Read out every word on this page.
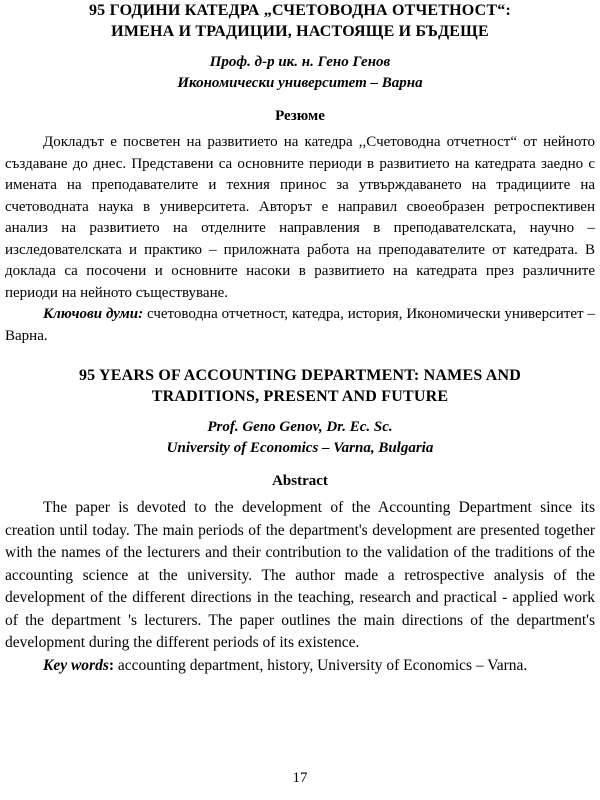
95 ГОДИНИ КАТЕДРА „СЧЕТОВОДНА ОТЧЕТНОСТ“:
ИМЕНА И ТРАДИЦИИ, НАСТОЯЩЕ И БЪДЕЩЕ
Проф. д-р ик. н. Гено Генов
Икономически университет – Варна
Резюме

Докладът е посветен на развитието на катедра ,,Счетоводна отчетност“ от нейното създаване до днес. Представени са основните периоди в развитието на катедрата заедно с имената на преподавателите и техния принос за утвърждаването на традициите на счетоводната наука в университета. Авторът е направил своеобразен ретроспективен анализ на развитието на отделните направления в преподавателската, научно – изследователската и практико – приложната работа на преподавателите от катедрата. В доклада са посочени и основните насоки в развитието на катедрата през различните периоди на нейното съществуване.

Ключови думи: счетоводна отчетност, катедра, история, Икономически университет – Варна.

95 YEARS OF ACCOUNTING DEPARTMENT: NAMES AND
TRADITIONS, PRESENT AND FUTURE
Prof. Geno Genov, Dr. Ec. Sc.
University of Economics – Varna, Bulgaria
Abstract

The paper is devoted to the development of the Accounting Department since its creation until today. The main periods of the department's development are presented together with the names of the lecturers and their contribution to the validation of the traditions of the accounting science at the university. The author made a retrospective analysis of the development of the different directions in the teaching, research and practical - applied work of the department 's lecturers. The paper outlines the main directions of the department's development during the different periods of its existence.

Key words: accounting department, history, University of Economics – Varna.

17
